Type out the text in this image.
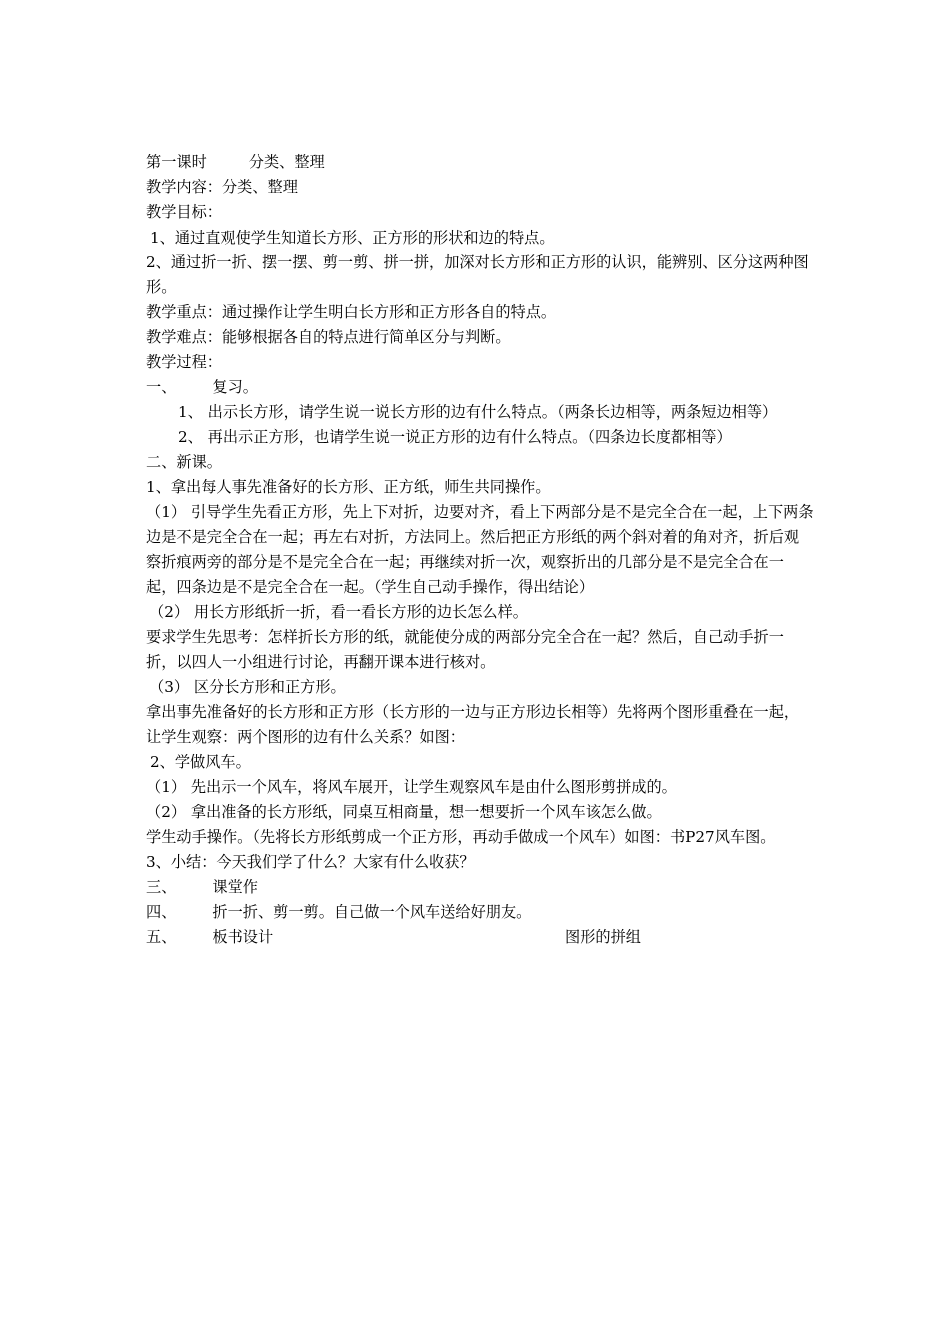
第一课时	分类、整理
教学内容：分类、整理
教学目标：
1、通过直观使学生知道长方形、正方形的形状和边的特点。
2、通过折一折、摆一摆、剪一剪、拼一拼，加深对长方形和正方形的认识，能辨别、区分这两种图
形。
教学重点：通过操作让学生明白长方形和正方形各自的特点。
教学难点：能够根据各自的特点进行简单区分与判断。
教学过程：
一、 复习。
1、 出示长方形，请学生说一说长方形的边有什么特点。（两条长边相等，两条短边相等）
2、 再出示正方形，也请学生说一说正方形的边有什么特点。（四条边长度都相等）
二、新课。
1、拿出每人事先准备好的长方形、正方纸，师生共同操作。
（1） 引导学生先看正方形，先上下对折，边要对齐，看上下两部分是不是完全合在一起，上下两条
边是不是完全合在一起；再左右对折，方法同上。然后把正方形纸的两个斜对着的角对齐，折后观
察折痕两旁的部分是不是完全合在一起；再继续对折一次，观察折出的几部分是不是完全合在一
起，四条边是不是完全合在一起。（学生自己动手操作，得出结论）
（2） 用长方形纸折一折，看一看长方形的边长怎么样。
要求学生先思考：怎样折长方形的纸，就能使分成的两部分完全合在一起？然后，自己动手折一
折，以四人一小组进行讨论，再翻开课本进行核对。
（3） 区分长方形和正方形。
拿出事先准备好的长方形和正方形（长方形的一边与正方形边长相等）先将两个图形重叠在一起，
让学生观察：两个图形的边有什么关系？如图：
2、学做风车。
（1） 先出示一个风车，将风车展开，让学生观察风车是由什么图形剪拼成的。
（2） 拿出准备的长方形纸，同桌互相商量，想一想要折一个风车该怎么做。
学生动手操作。（先将长方形纸剪成一个正方形，再动手做成一个风车）如图：书P27风车图。
3、小结：今天我们学了什么？大家有什么收获？
三、 课堂作
四、 折一折、剪一剪。自己做一个风车送给好朋友。
五、 板书设计	图形的拼组
